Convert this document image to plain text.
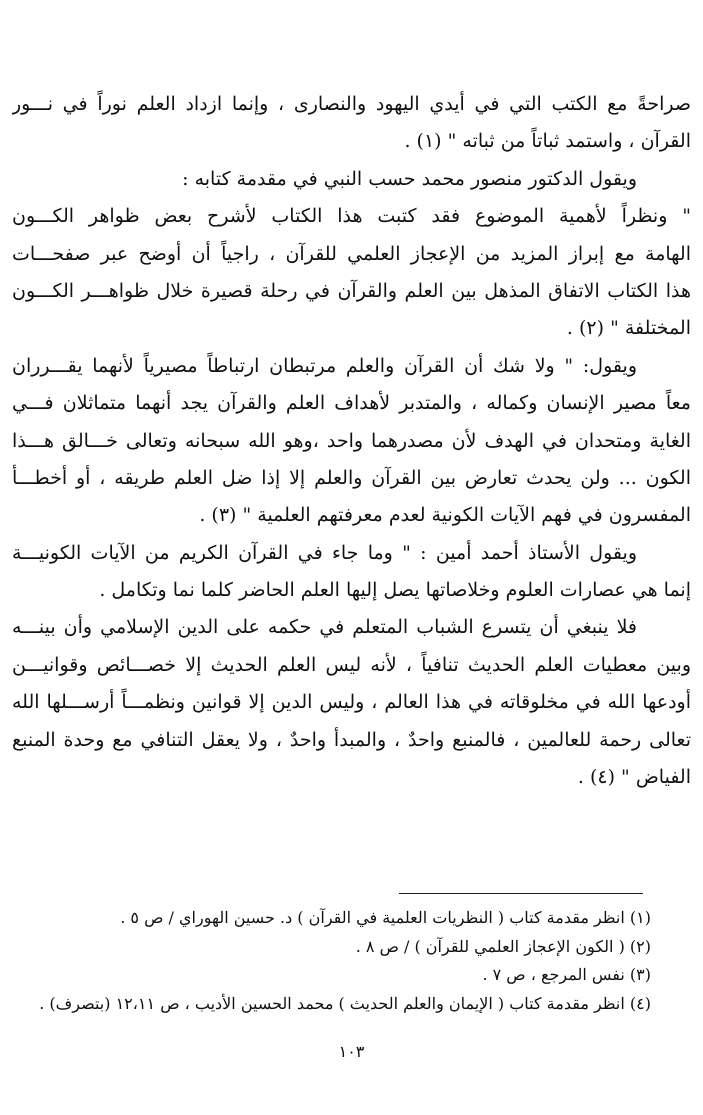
صراحةً مع الكتب التي في أيدي اليهود والنصارى ، وإنما ازداد العلم نوراً في نـــور
القرآن ، واستمد ثباتاً من ثباته " (١) .
ويقول الدكتور منصور محمد حسب النبي في مقدمة كتابه :
" ونظراً لأهمية الموضوع فقد كتبت هذا الكتاب لأشرح بعض ظواهر الكـــون
الهامة مع إبراز المزيد من الإعجاز العلمي للقرآن ، راجياً أن أوضح عبر صفحـــات
هذا الكتاب الاتفاق المذهل بين العلم والقرآن في رحلة قصيرة خلال ظواهـــر الكـــون
المختلفة " (٢) .
ويقول: " ولا شك أن القرآن والعلم مرتبطان ارتباطاً مصيرياً لأنهما يقـــرران
معاً مصير الإنسان وكماله ، والمتدبر لأهداف العلم والقرآن يجد أنهما متماثلان فـــي
الغاية ومتحدان في الهدف لأن مصدرهما واحد ،وهو الله سبحانه وتعالى خـــالق هـــذا
الكون ... ولن يحدث تعارض بين القرآن والعلم إلا إذا ضل العلم طريقه ، أو أخطـــأ
المفسرون في فهم الآيات الكونية لعدم معرفتهم العلمية " (٣) .
ويقول الأستاذ أحمد أمين : " وما جاء في القرآن الكريم من الآيات الكونيـــة
إنما هي عصارات العلوم وخلاصاتها يصل إليها العلم الحاضر كلما نما وتكامل .
فلا ينبغي أن يتسرع الشباب المتعلم في حكمه على الدين الإسلامي وأن بينـــه
وبين معطيات العلم الحديث تنافياً ، لأنه ليس العلم الحديث إلا خصـــائص وقوانيـــن
أودعها الله في مخلوقاته في هذا العالم ، وليس الدين إلا قوانين ونظمـــاً أرســـلها الله
تعالى رحمة للعالمين ، فالمنبع واحدٌ ، والمبدأ واحدٌ ، ولا يعقل التنافي مع وحدة المنبع
الفياض " (٤) .
(١) انظر مقدمة كتاب ( النظريات العلمية في القرآن ) د. حسين الهوراي / ص ٥ .
(٢) ( الكون الإعجاز العلمي للقرآن ) / ص ٨ .
(٣) نفس المرجع ، ص ٧ .
(٤) انظر مقدمة كتاب ( الإيمان والعلم الحديث ) محمد الحسين الأديب ، ص ١٢،١١ (بتصرف) .
١٠٣
